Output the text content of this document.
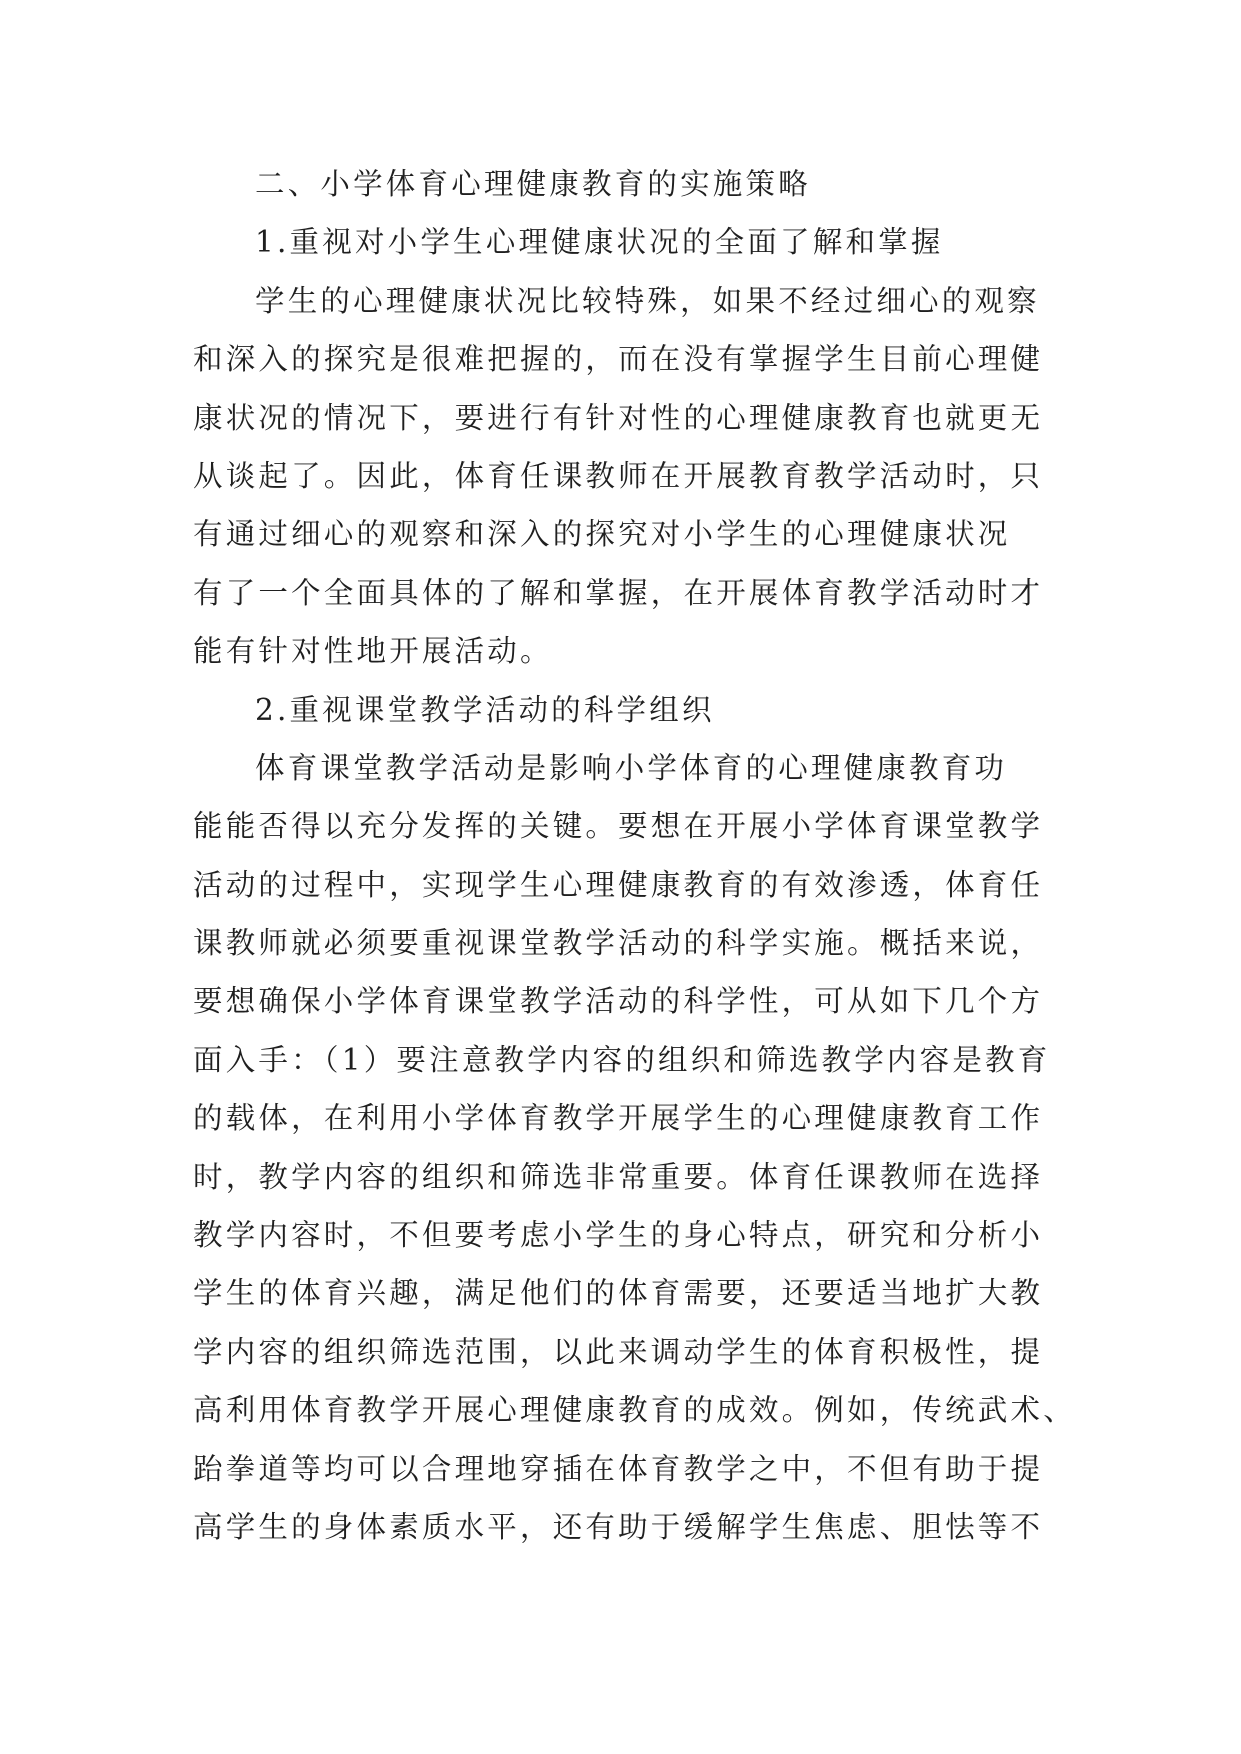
二、小学体育心理健康教育的实施策略
1.重视对小学生心理健康状况的全面了解和掌握
学生的心理健康状况比较特殊，如果不经过细心的观察
和深入的探究是很难把握的，而在没有掌握学生目前心理健
康状况的情况下，要进行有针对性的心理健康教育也就更无
从谈起了。因此，体育任课教师在开展教育教学活动时，只
有通过细心的观察和深入的探究对小学生的心理健康状况
有了一个全面具体的了解和掌握，在开展体育教学活动时才
能有针对性地开展活动。
2.重视课堂教学活动的科学组织
体育课堂教学活动是影响小学体育的心理健康教育功
能能否得以充分发挥的关键。要想在开展小学体育课堂教学
活动的过程中，实现学生心理健康教育的有效渗透，体育任
课教师就必须要重视课堂教学活动的科学实施。概括来说，
要想确保小学体育课堂教学活动的科学性，可从如下几个方
面入手：（1）要注意教学内容的组织和筛选教学内容是教育
的载体，在利用小学体育教学开展学生的心理健康教育工作
时，教学内容的组织和筛选非常重要。体育任课教师在选择
教学内容时，不但要考虑小学生的身心特点，研究和分析小
学生的体育兴趣，满足他们的体育需要，还要适当地扩大教
学内容的组织筛选范围，以此来调动学生的体育积极性，提
高利用体育教学开展心理健康教育的成效。例如，传统武术、
跆拳道等均可以合理地穿插在体育教学之中，不但有助于提
高学生的身体素质水平，还有助于缓解学生焦虑、胆怯等不
